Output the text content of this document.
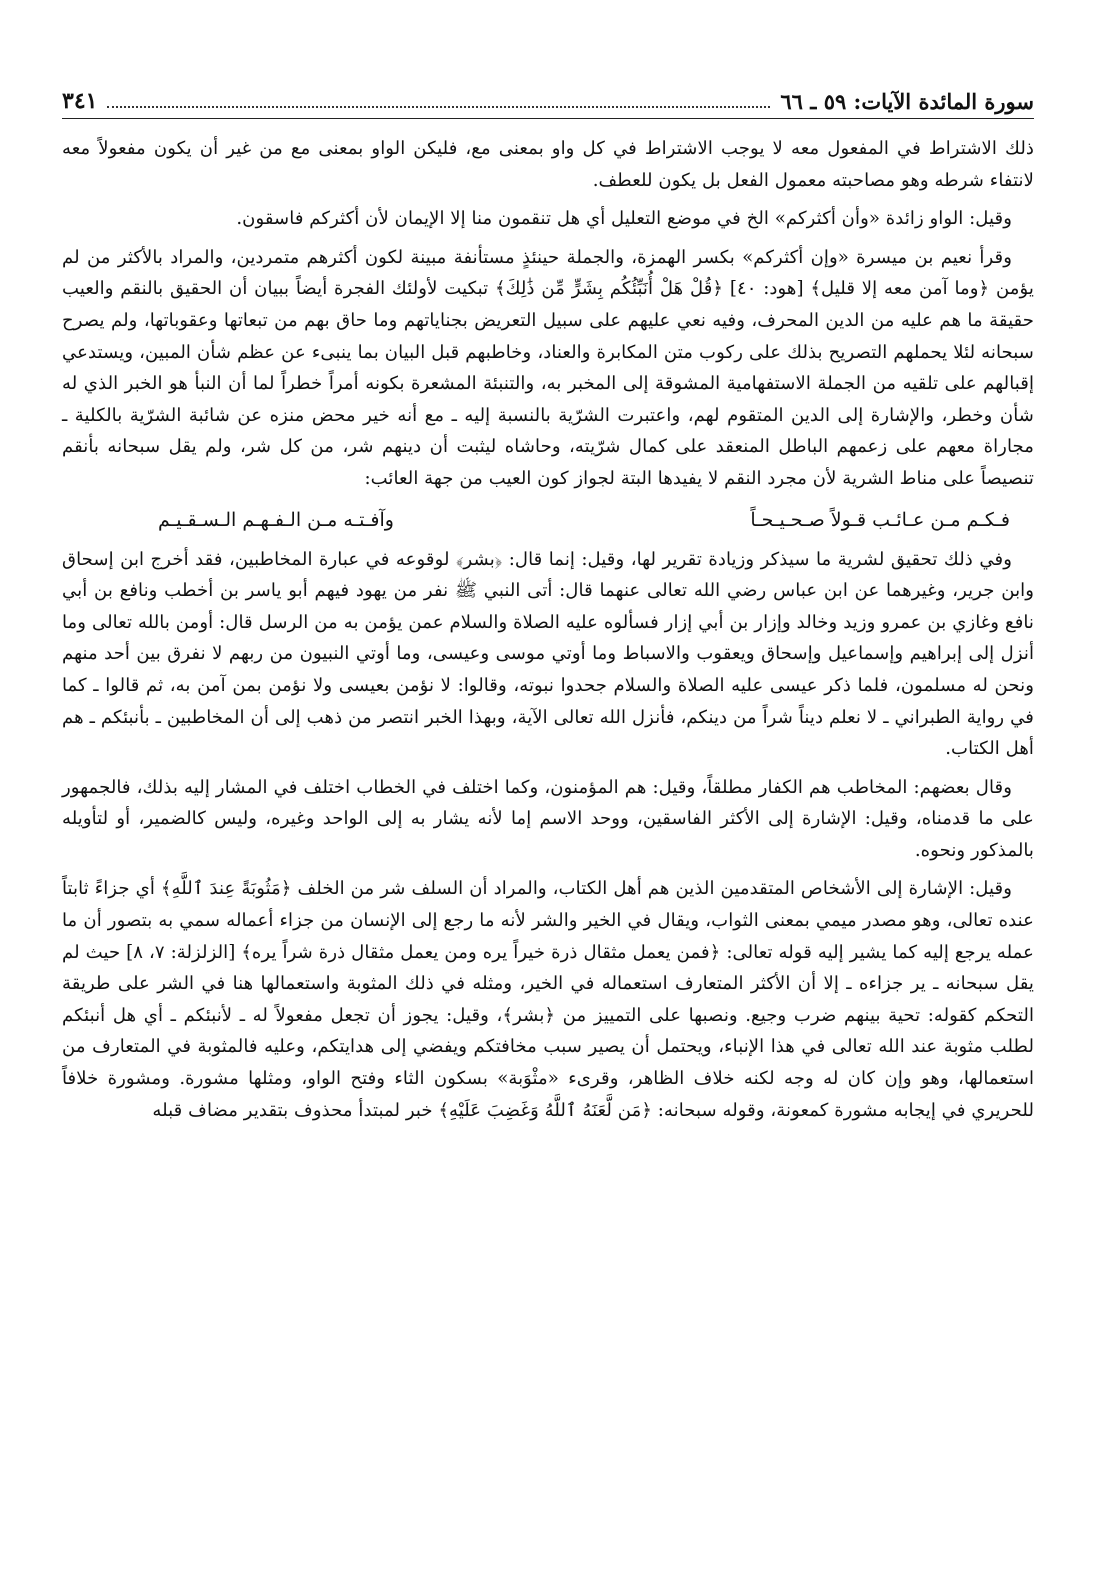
سورة المائدة الآيات: ٥٩ ـ ٦٦
٣٤١

ذلك الاشتراط في المفعول معه لا يوجب الاشتراط في كل واو بمعنى مع، فليكن الواو بمعنى مع من غير أن يكون مفعولاً معه لانتفاء شرطه وهو مصاحبته معمول الفعل بل يكون للعطف.

وقيل: الواو زائدة «وأن أكثركم» الخ في موضع التعليل أي هل تنقمون منا إلا الإيمان لأن أكثركم فاسقون.

وقرأ نعيم بن ميسرة «وإن أكثركم» بكسر الهمزة، والجملة حينئذٍ مستأنفة مبينة لكون أكثرهم متمردين، والمراد بالأكثر من لم يؤمن ﴿وما آمن معه إلا قليل﴾ [هود: ٤٠] ﴿قُلْ هَلْ أُنَبِّئُكُم بِشَرٍّ مِّن ذَٰلِكَ﴾ تبكيت لأولئك الفجرة أيضاً ببيان أن الحقيق بالنقم والعيب حقيقة ما هم عليه من الدين المحرف، وفيه نعي عليهم على سبيل التعريض بجناياتهم وما حاق بهم من تبعاتها وعقوباتها، ولم يصرح سبحانه لئلا يحملهم التصريح بذلك على ركوب متن المكابرة والعناد، وخاطبهم قبل البيان بما ينبىء عن عظم شأن المبين، ويستدعي إقبالهم على تلقيه من الجملة الاستفهامية المشوقة إلى المخبر به، والتنبئة المشعرة بكونه أمراً خطراً لما أن النبأ هو الخبر الذي له شأن وخطر، والإشارة إلى الدين المتقوم لهم، واعتبرت الشرّية بالنسبة إليه ـ مع أنه خير محض منزه عن شائبة الشرّية بالكلية ـ مجاراة معهم على زعمهم الباطل المنعقد على كمال شرّيته، وحاشاه ليثبت أن دينهم شر، من كل شر، ولم يقل سبحانه بأنقم تنصيصاً على مناط الشرية لأن مجرد النقم لا يفيدها البتة لجواز كون العيب من جهة العائب:

فـكـم مـن عـائـب قـولاً صـحـيـحـاً
وآفـتـه مـن الـفـهـم الـسـقـيـم

وفي ذلك تحقيق لشرية ما سيذكر وزيادة تقرير لها، وقيل: إنما قال: ﴿بشر﴾ لوقوعه في عبارة المخاطبين، فقد أخرج ابن إسحاق وابن جرير، وغيرهما عن ابن عباس رضي الله تعالى عنهما قال: أتى النبي ﷺ نفر من يهود فيهم أبو ياسر بن أخطب ونافع بن أبي نافع وغازي بن عمرو وزيد وخالد وإزار بن أبي إزار فسألوه عليه الصلاة والسلام عمن يؤمن به من الرسل قال: أومن بالله تعالى وما أنزل إلى إبراهيم وإسماعيل وإسحاق ويعقوب والاسباط وما أوتي موسى وعيسى، وما أوتي النبيون من ربهم لا نفرق بين أحد منهم ونحن له مسلمون، فلما ذكر عيسى عليه الصلاة والسلام جحدوا نبوته، وقالوا: لا نؤمن بعيسى ولا نؤمن بمن آمن به، ثم قالوا ـ كما في رواية الطبراني ـ لا نعلم ديناً شراً من دينكم، فأنزل الله تعالى الآية، وبهذا الخبر انتصر من ذهب إلى أن المخاطبين ـ بأنبئكم ـ هم أهل الكتاب.

وقال بعضهم: المخاطب هم الكفار مطلقاً، وقيل: هم المؤمنون، وكما اختلف في الخطاب اختلف في المشار إليه بذلك، فالجمهور على ما قدمناه، وقيل: الإشارة إلى الأكثر الفاسقين، ووحد الاسم إما لأنه يشار به إلى الواحد وغيره، وليس كالضمير، أو لتأويله بالمذكور ونحوه.

وقيل: الإشارة إلى الأشخاص المتقدمين الذين هم أهل الكتاب، والمراد أن السلف شر من الخلف ﴿مَثُوبَةً عِندَ ٱللَّهِ﴾ أي جزاءً ثابتاً عنده تعالى، وهو مصدر ميمي بمعنى الثواب، ويقال في الخير والشر لأنه ما رجع إلى الإنسان من جزاء أعماله سمي به بتصور أن ما عمله يرجع إليه كما يشير إليه قوله تعالى: ﴿فمن يعمل مثقال ذرة خيراً يره ومن يعمل مثقال ذرة شراً يره﴾ [الزلزلة: ٧، ٨] حيث لم يقل سبحانه ـ ير جزاءه ـ إلا أن الأكثر المتعارف استعماله في الخير، ومثله في ذلك المثوبة واستعمالها هنا في الشر على طريقة التحكم كقوله: تحية بينهم ضرب وجيع. ونصبها على التمييز من ﴿بشر﴾، وقيل: يجوز أن تجعل مفعولاً له ـ لأنبئكم ـ أي هل أنبئكم لطلب مثوبة عند الله تعالى في هذا الإنباء، ويحتمل أن يصير سبب مخافتكم ويفضي إلى هدايتكم، وعليه فالمثوبة في المتعارف من استعمالها، وهو وإن كان له وجه لكنه خلاف الظاهر، وقرىء «مثْوَبة» بسكون الثاء وفتح الواو، ومثلها مشورة. ومشورة خلافاً للحريري في إيجابه مشورة كمعونة، وقوله سبحانه: ﴿مَن لَّعَنَهُ ٱللَّهُ وَغَضِبَ عَلَيْهِ﴾ خبر لمبتدأ محذوف بتقدير مضاف قبله
